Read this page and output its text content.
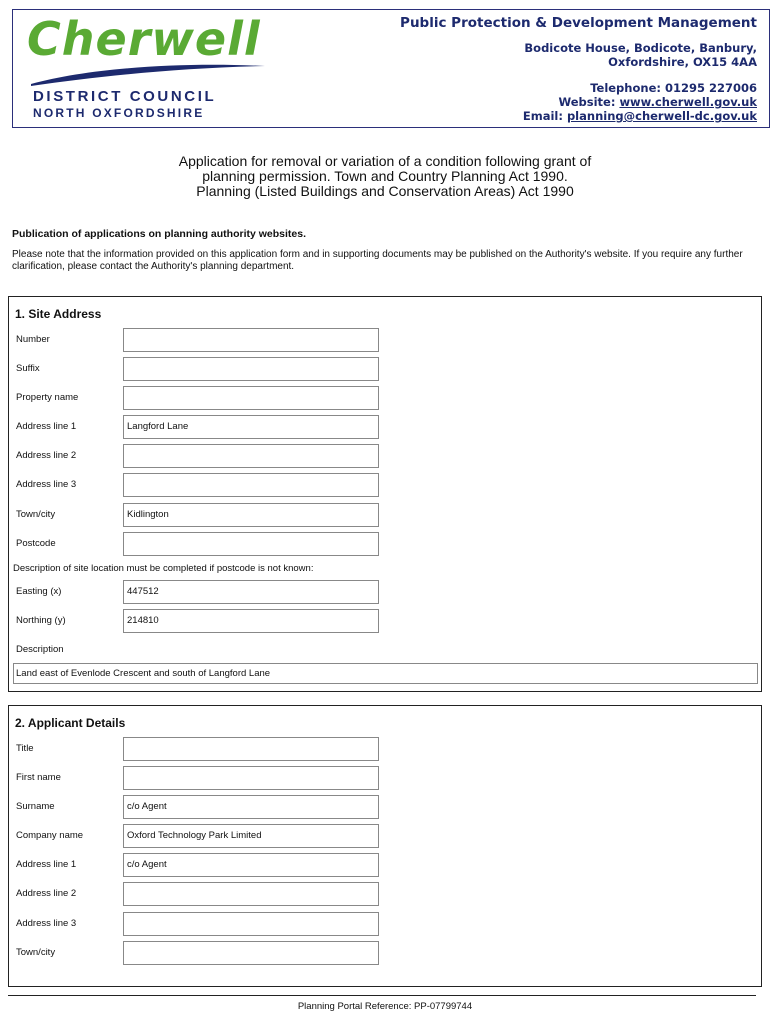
Cherwell
DISTRICT COUNCIL
NORTH OXFORDSHIRE
Public Protection & Development Management
Bodicote House, Bodicote, Banbury,
Oxfordshire, OX15 4AA
Telephone: 01295 227006
Website: www.cherwell.gov.uk
Email: planning@cherwell-dc.gov.uk
Application for removal or variation of a condition following grant of
planning permission. Town and Country Planning Act 1990.
Planning (Listed Buildings and Conservation Areas) Act 1990
Publication of applications on planning authority websites.
Please note that the information provided on this application form and in supporting documents may be published on the Authority's website. If you require any further clarification, please contact the Authority's planning department.
1. Site Address
Number
Suffix
Property name
Address line 1	Langford Lane
Address line 2
Address line 3
Town/city	Kidlington
Postcode
Description of site location must be completed if postcode is not known:
Easting (x)	447512
Northing (y)	214810
Description
Land east of Evenlode Crescent and south of Langford Lane
2. Applicant Details
Title
First name
Surname	c/o Agent
Company name	Oxford Technology Park Limited
Address line 1	c/o Agent
Address line 2
Address line 3
Town/city
Planning Portal Reference: PP-07799744
